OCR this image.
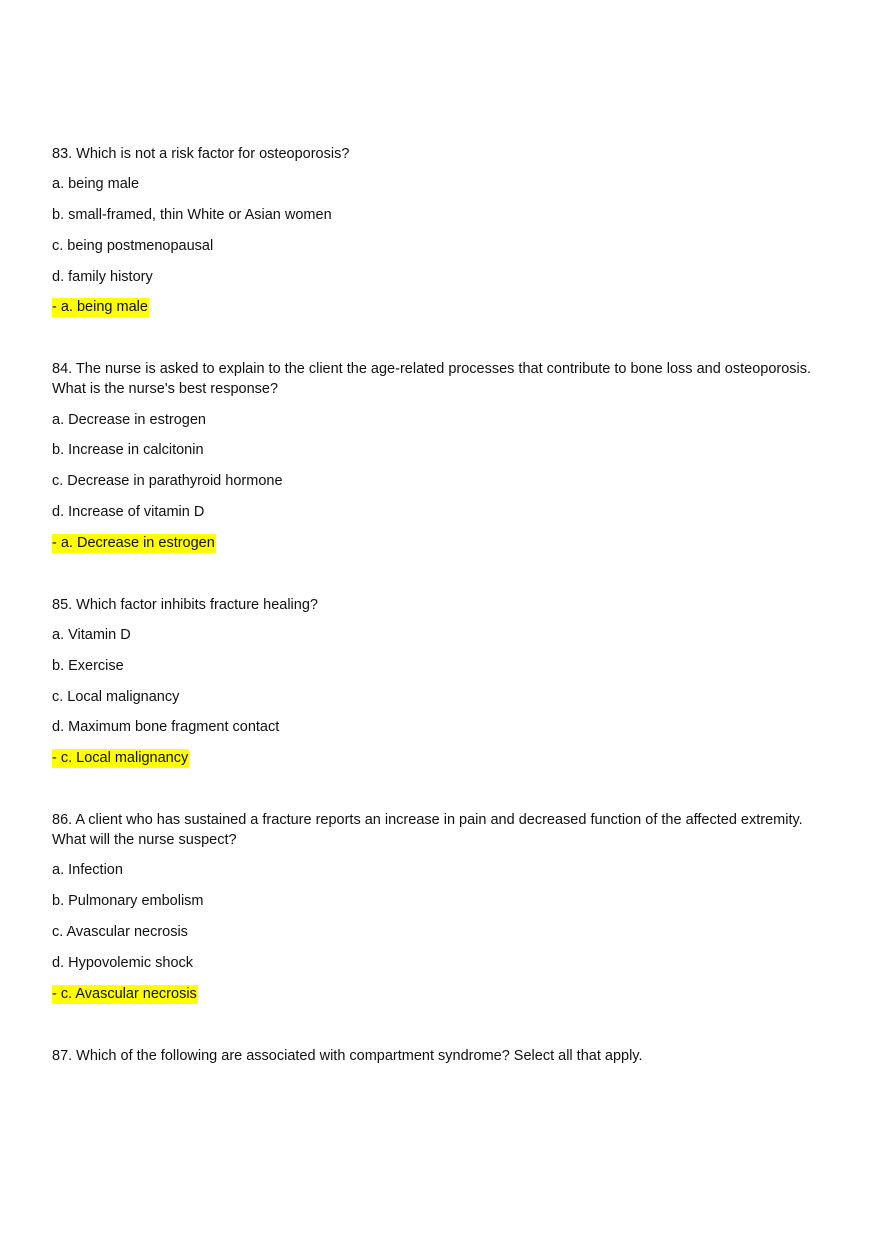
83. Which is not a risk factor for osteoporosis?
a. being male
b. small-framed, thin White or Asian women
c. being postmenopausal
d. family history
- a. being male
84. The nurse is asked to explain to the client the age-related processes that contribute to bone loss and osteoporosis. What is the nurse's best response?
a. Decrease in estrogen
b. Increase in calcitonin
c. Decrease in parathyroid hormone
d. Increase of vitamin D
- a. Decrease in estrogen
85. Which factor inhibits fracture healing?
a. Vitamin D
b. Exercise
c. Local malignancy
d. Maximum bone fragment contact
- c. Local malignancy
86. A client who has sustained a fracture reports an increase in pain and decreased function of the affected extremity. What will the nurse suspect?
a. Infection
b. Pulmonary embolism
c. Avascular necrosis
d. Hypovolemic shock
- c. Avascular necrosis
87. Which of the following are associated with compartment syndrome? Select all that apply.
